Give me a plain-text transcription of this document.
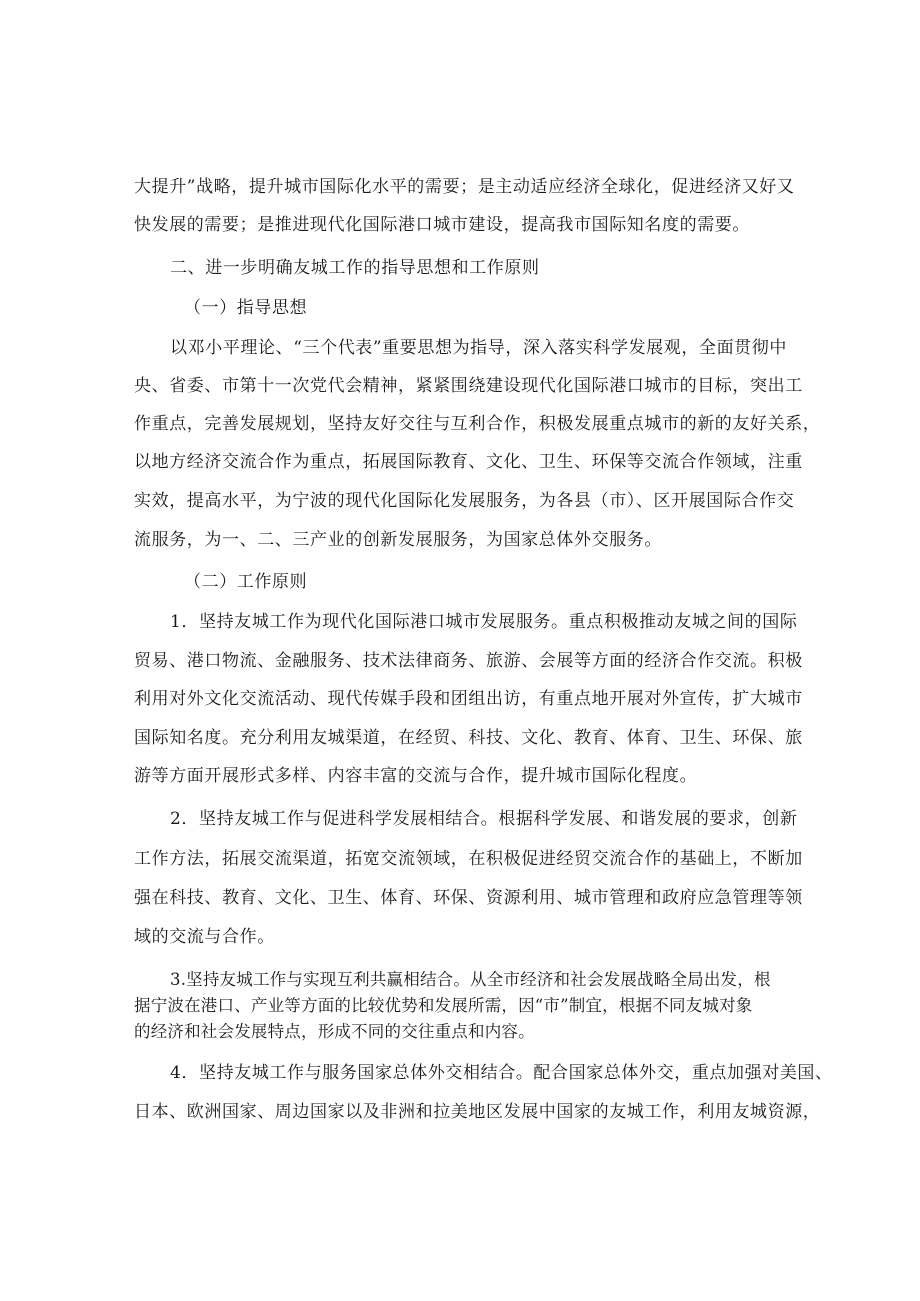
大提升”战略，提升城市国际化水平的需要；是主动适应经济全球化，促进经济又好又
快发展的需要；是推进现代化国际港口城市建设，提高我市国际知名度的需要。
二、进一步明确友城工作的指导思想和工作原则
（一）指导思想
以邓小平理论、“三个代表”重要思想为指导，深入落实科学发展观，全面贯彻中
央、省委、市第十一次党代会精神，紧紧围绕建设现代化国际港口城市的目标，突出工
作重点，完善发展规划，坚持友好交往与互利合作，积极发展重点城市的新的友好关系，
以地方经济交流合作为重点，拓展国际教育、文化、卫生、环保等交流合作领域，注重
实效，提高水平，为宁波的现代化国际化发展服务，为各县（市）、区开展国际合作交
流服务，为一、二、三产业的创新发展服务，为国家总体外交服务。
（二）工作原则
1．坚持友城工作为现代化国际港口城市发展服务。重点积极推动友城之间的国际
贸易、港口物流、金融服务、技术法律商务、旅游、会展等方面的经济合作交流。积极
利用对外文化交流活动、现代传媒手段和团组出访，有重点地开展对外宣传，扩大城市
国际知名度。充分利用友城渠道，在经贸、科技、文化、教育、体育、卫生、环保、旅
游等方面开展形式多样、内容丰富的交流与合作，提升城市国际化程度。
2．坚持友城工作与促进科学发展相结合。根据科学发展、和谐发展的要求，创新
工作方法，拓展交流渠道，拓宽交流领域，在积极促进经贸交流合作的基础上，不断加
强在科技、教育、文化、卫生、体育、环保、资源利用、城市管理和政府应急管理等领
域的交流与合作。
3.坚持友城工作与实现互利共赢相结合。从全市经济和社会发展战略全局出发，根
据宁波在港口、产业等方面的比较优势和发展所需，因“市”制宜，根据不同友城对象
的经济和社会发展特点，形成不同的交往重点和内容。
4．坚持友城工作与服务国家总体外交相结合。配合国家总体外交，重点加强对美国、
日本、欧洲国家、周边国家以及非洲和拉美地区发展中国家的友城工作，利用友城资源，
